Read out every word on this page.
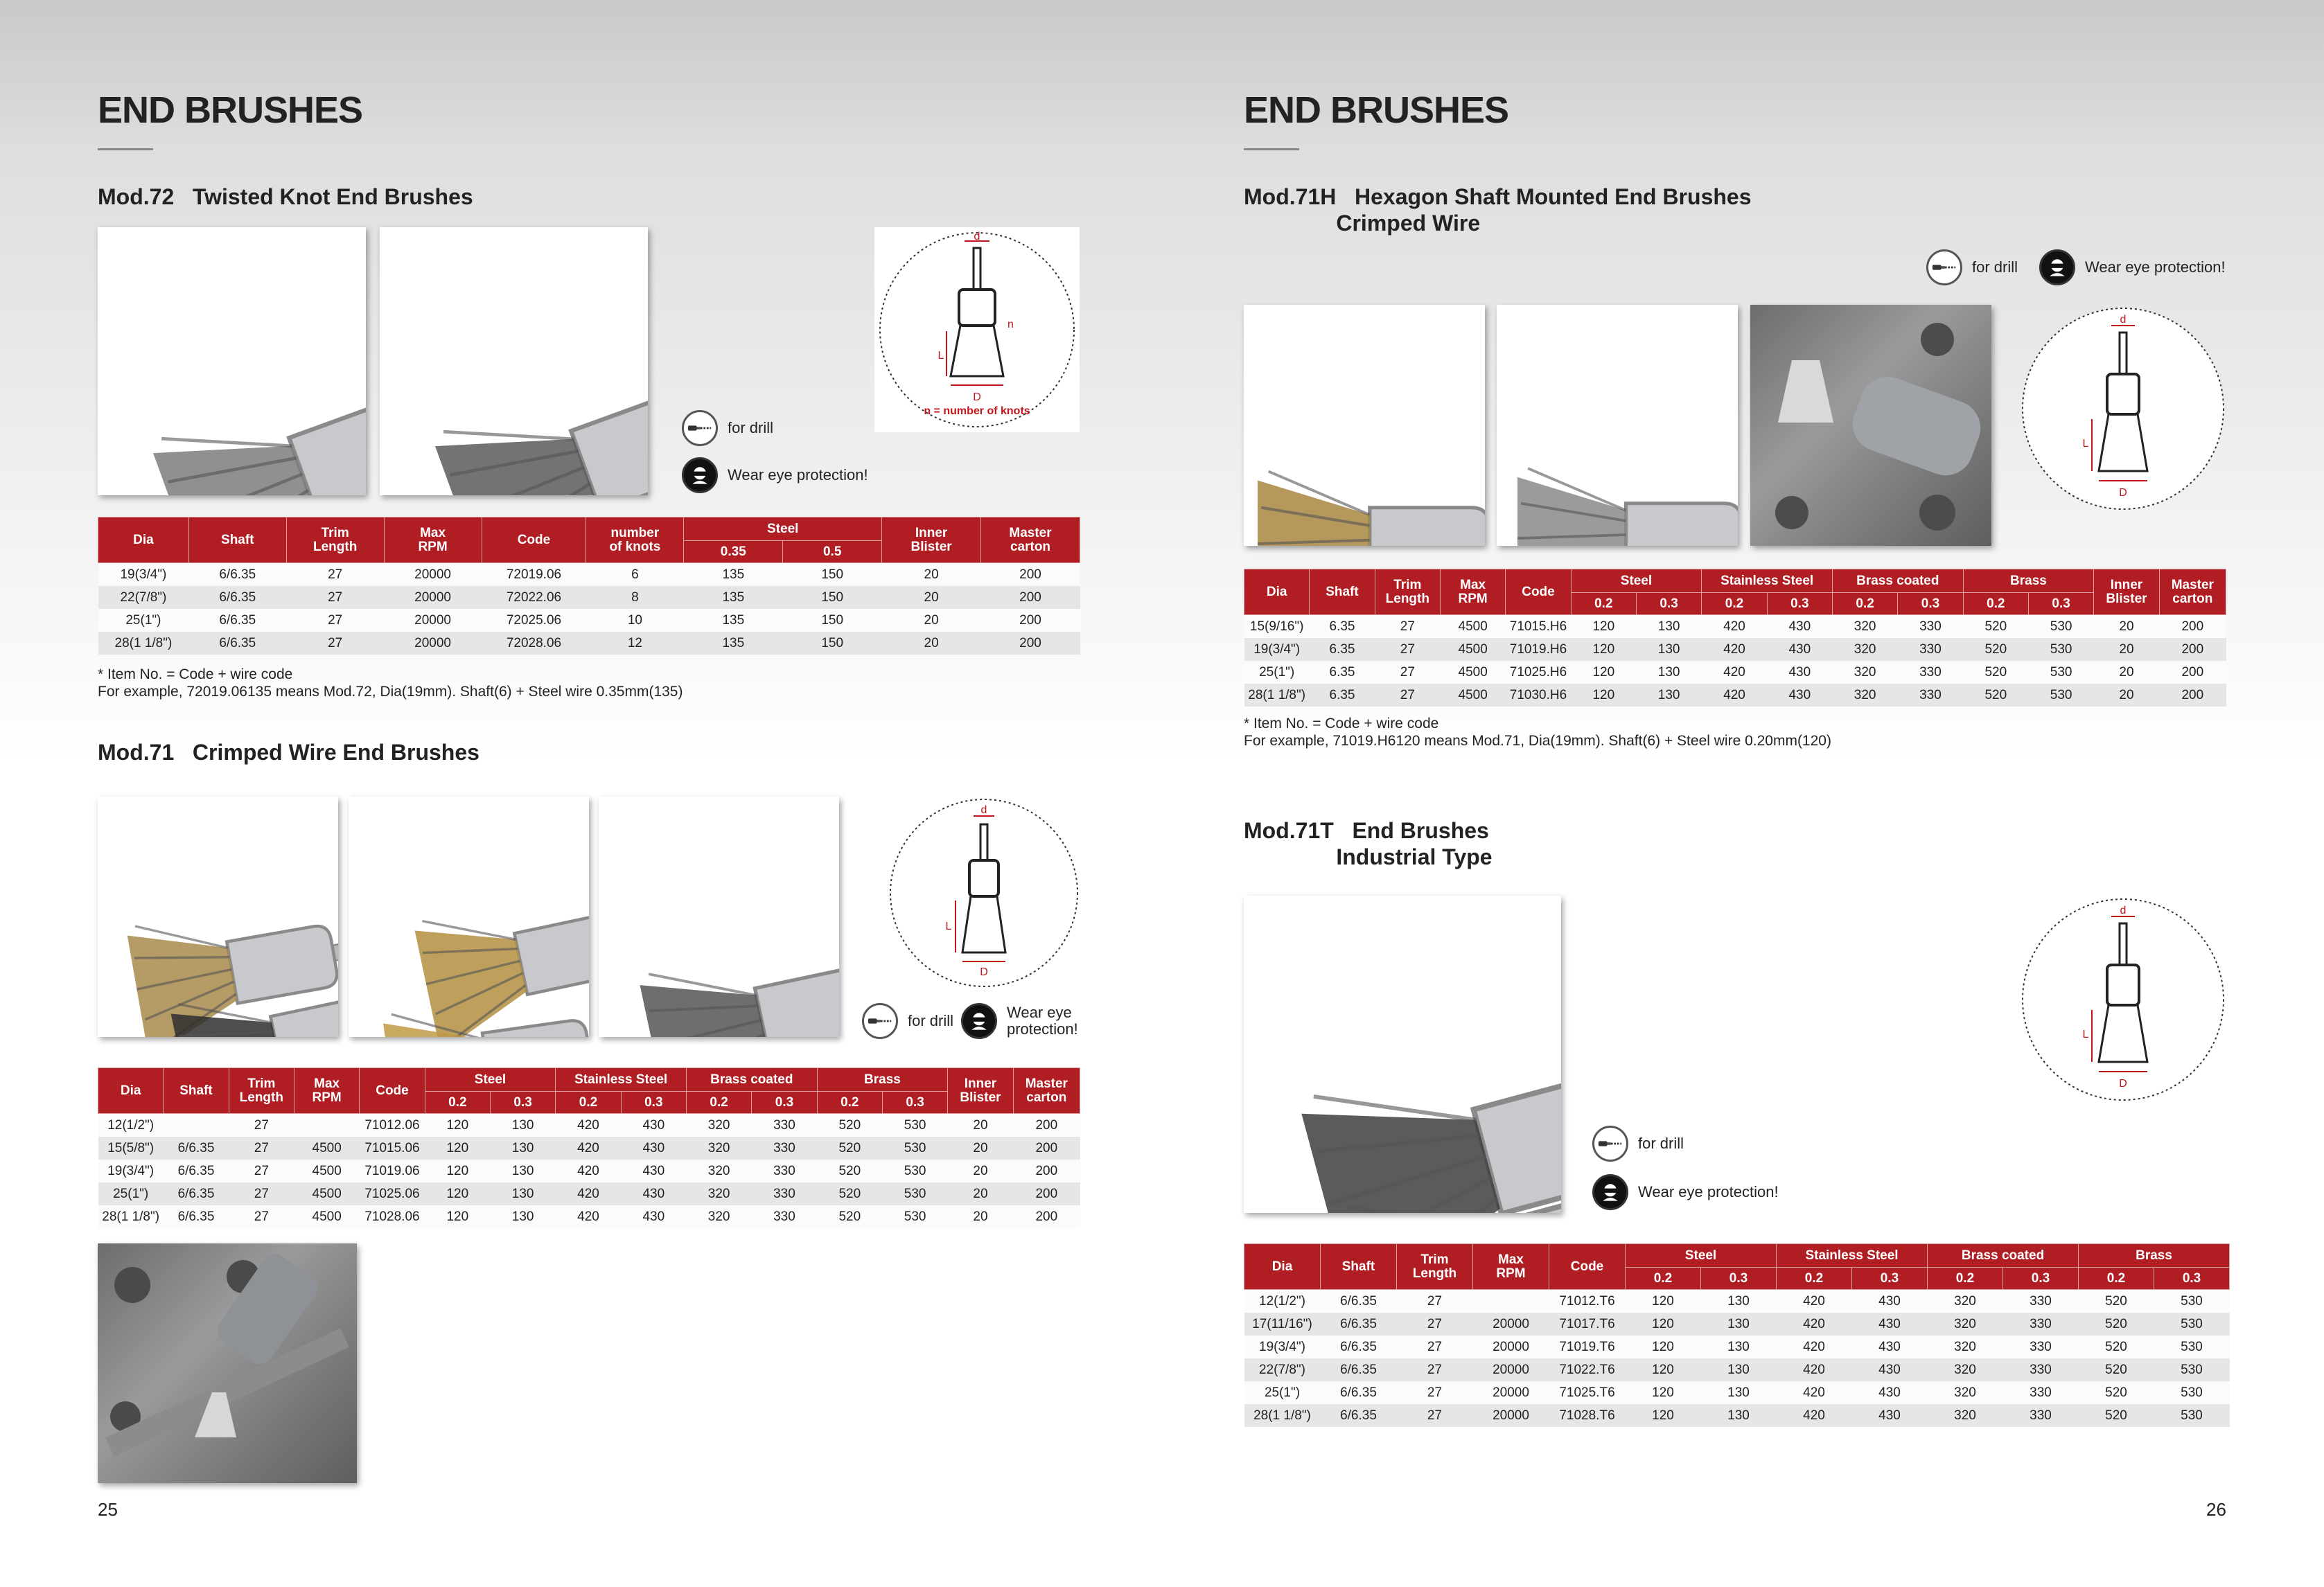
END BRUSHES
Mod.72   Twisted Knot End Brushes
d
L
D
n
n = number of knots
for drill
Wear eye protection!
Dia	Shaft	Trim
Length	Max
RPM	Code	number
of knots	Steel		Inner
Blister	Master
carton
						0.35	0.5		
19(3/4")	6/6.35	27	20000	72019.06	6	135	150	20	200
22(7/8")	6/6.35	27	20000	72022.06	8	135	150	20	200
25(1")	6/6.35	27	20000	72025.06	10	135	150	20	200
28(1 1/8")	6/6.35	27	20000	72028.06	12	135	150	20	200
* Item No. = Code + wire code
For example, 72019.06135 means Mod.72, Dia(19mm). Shaft(6) + Steel wire 0.35mm(135)
Mod.71   Crimped Wire End Brushes
d
L
D
for drill	Wear eye
protection!
Dia	Shaft	Trim
Length	Max
RPM	Code	Steel		Stainless Steel		Brass coated		Brass		Inner
Blister	Master
carton
					0.2	0.3	0.2	0.3	0.2	0.3	0.2	0.3		
12(1/2")		27		71012.06	120	130	420	430	320	330	520	530	20	200
15(5/8")	6/6.35	27	4500	71015.06	120	130	420	430	320	330	520	530	20	200
19(3/4")	6/6.35	27	4500	71019.06	120	130	420	430	320	330	520	530	20	200
25(1")	6/6.35	27	4500	71025.06	120	130	420	430	320	330	520	530	20	200
28(1 1/8")	6/6.35	27	4500	71028.06	120	130	420	430	320	330	520	530	20	200
25
END BRUSHES
Mod.71H   Hexagon Shaft Mounted End Brushes
Crimped Wire
for drill	Wear eye protection!
d
L
D
Dia	Shaft	Trim
Length	Max
RPM	Code	Steel		Stainless Steel		Brass coated		Brass		Inner
Blister	Master
carton
					0.2	0.3	0.2	0.3	0.2	0.3	0.2	0.3		
15(9/16")	6.35	27	4500	71015.H6	120	130	420	430	320	330	520	530	20	200
19(3/4")	6.35	27	4500	71019.H6	120	130	420	430	320	330	520	530	20	200
25(1")	6.35	27	4500	71025.H6	120	130	420	430	320	330	520	530	20	200
28(1 1/8")	6.35	27	4500	71030.H6	120	130	420	430	320	330	520	530	20	200
* Item No. = Code + wire code
For example, 71019.H6120 means Mod.71, Dia(19mm). Shaft(6) + Steel wire 0.20mm(120)
Mod.71T   End Brushes
Industrial Type
for drill
Wear eye protection!
d
L
D
Dia	Shaft	Trim
Length	Max
RPM	Code	Steel		Stainless Steel		Brass coated		Brass	
					0.2	0.3	0.2	0.3	0.2	0.3	0.2	0.3
12(1/2")	6/6.35	27		71012.T6	120	130	420	430	320	330	520	530
17(11/16")	6/6.35	27	20000	71017.T6	120	130	420	430	320	330	520	530
19(3/4")	6/6.35	27	20000	71019.T6	120	130	420	430	320	330	520	530
22(7/8")	6/6.35	27	20000	71022.T6	120	130	420	430	320	330	520	530
25(1")	6/6.35	27	20000	71025.T6	120	130	420	430	320	330	520	530
28(1 1/8")	6/6.35	27	20000	71028.T6	120	130	420	430	320	330	520	530
26
